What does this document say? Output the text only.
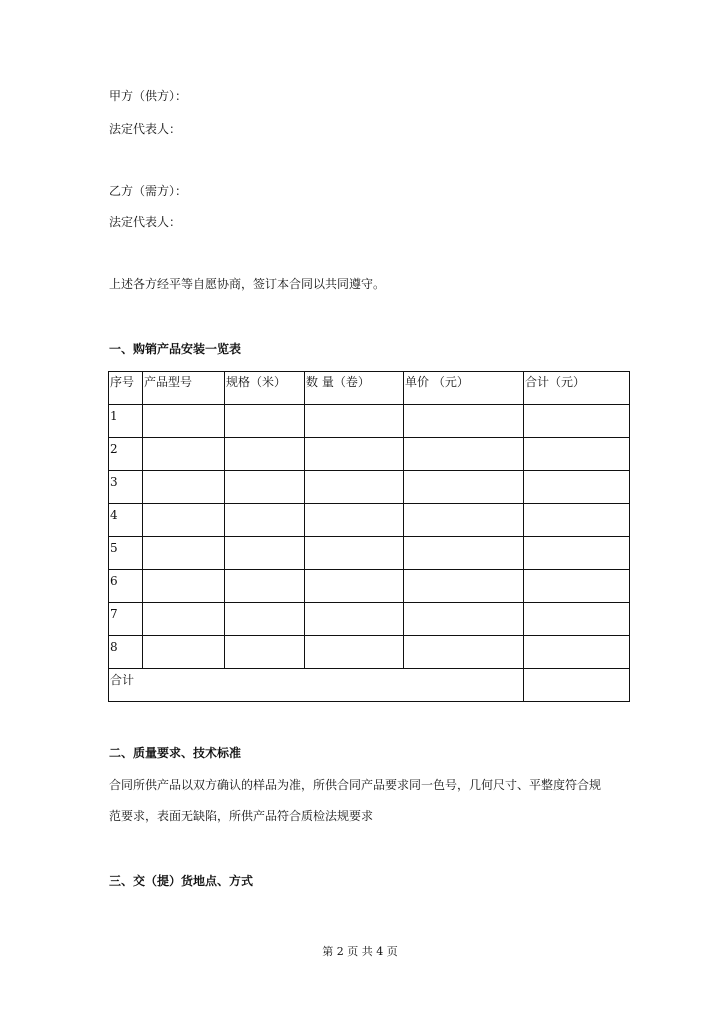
甲方（供方）：
法定代表人：
乙方（需方）：
法定代表人：
上述各方经平等自愿协商，签订本合同以共同遵守。
一、购销产品安装一览表
序号	产品型号	规格（米）	数 量（卷）	单价 （元）	合计（元）
1					
2					
3					
4					
5					
6					
7					
8					
合计					
二、质量要求、技术标准
合同所供产品以双方确认的样品为准，所供合同产品要求同一色号，几何尺寸、平整度符合规
范要求，表面无缺陷，所供产品符合质检法规要求
三、交（提）货地点、方式
第 2 页 共 4 页
